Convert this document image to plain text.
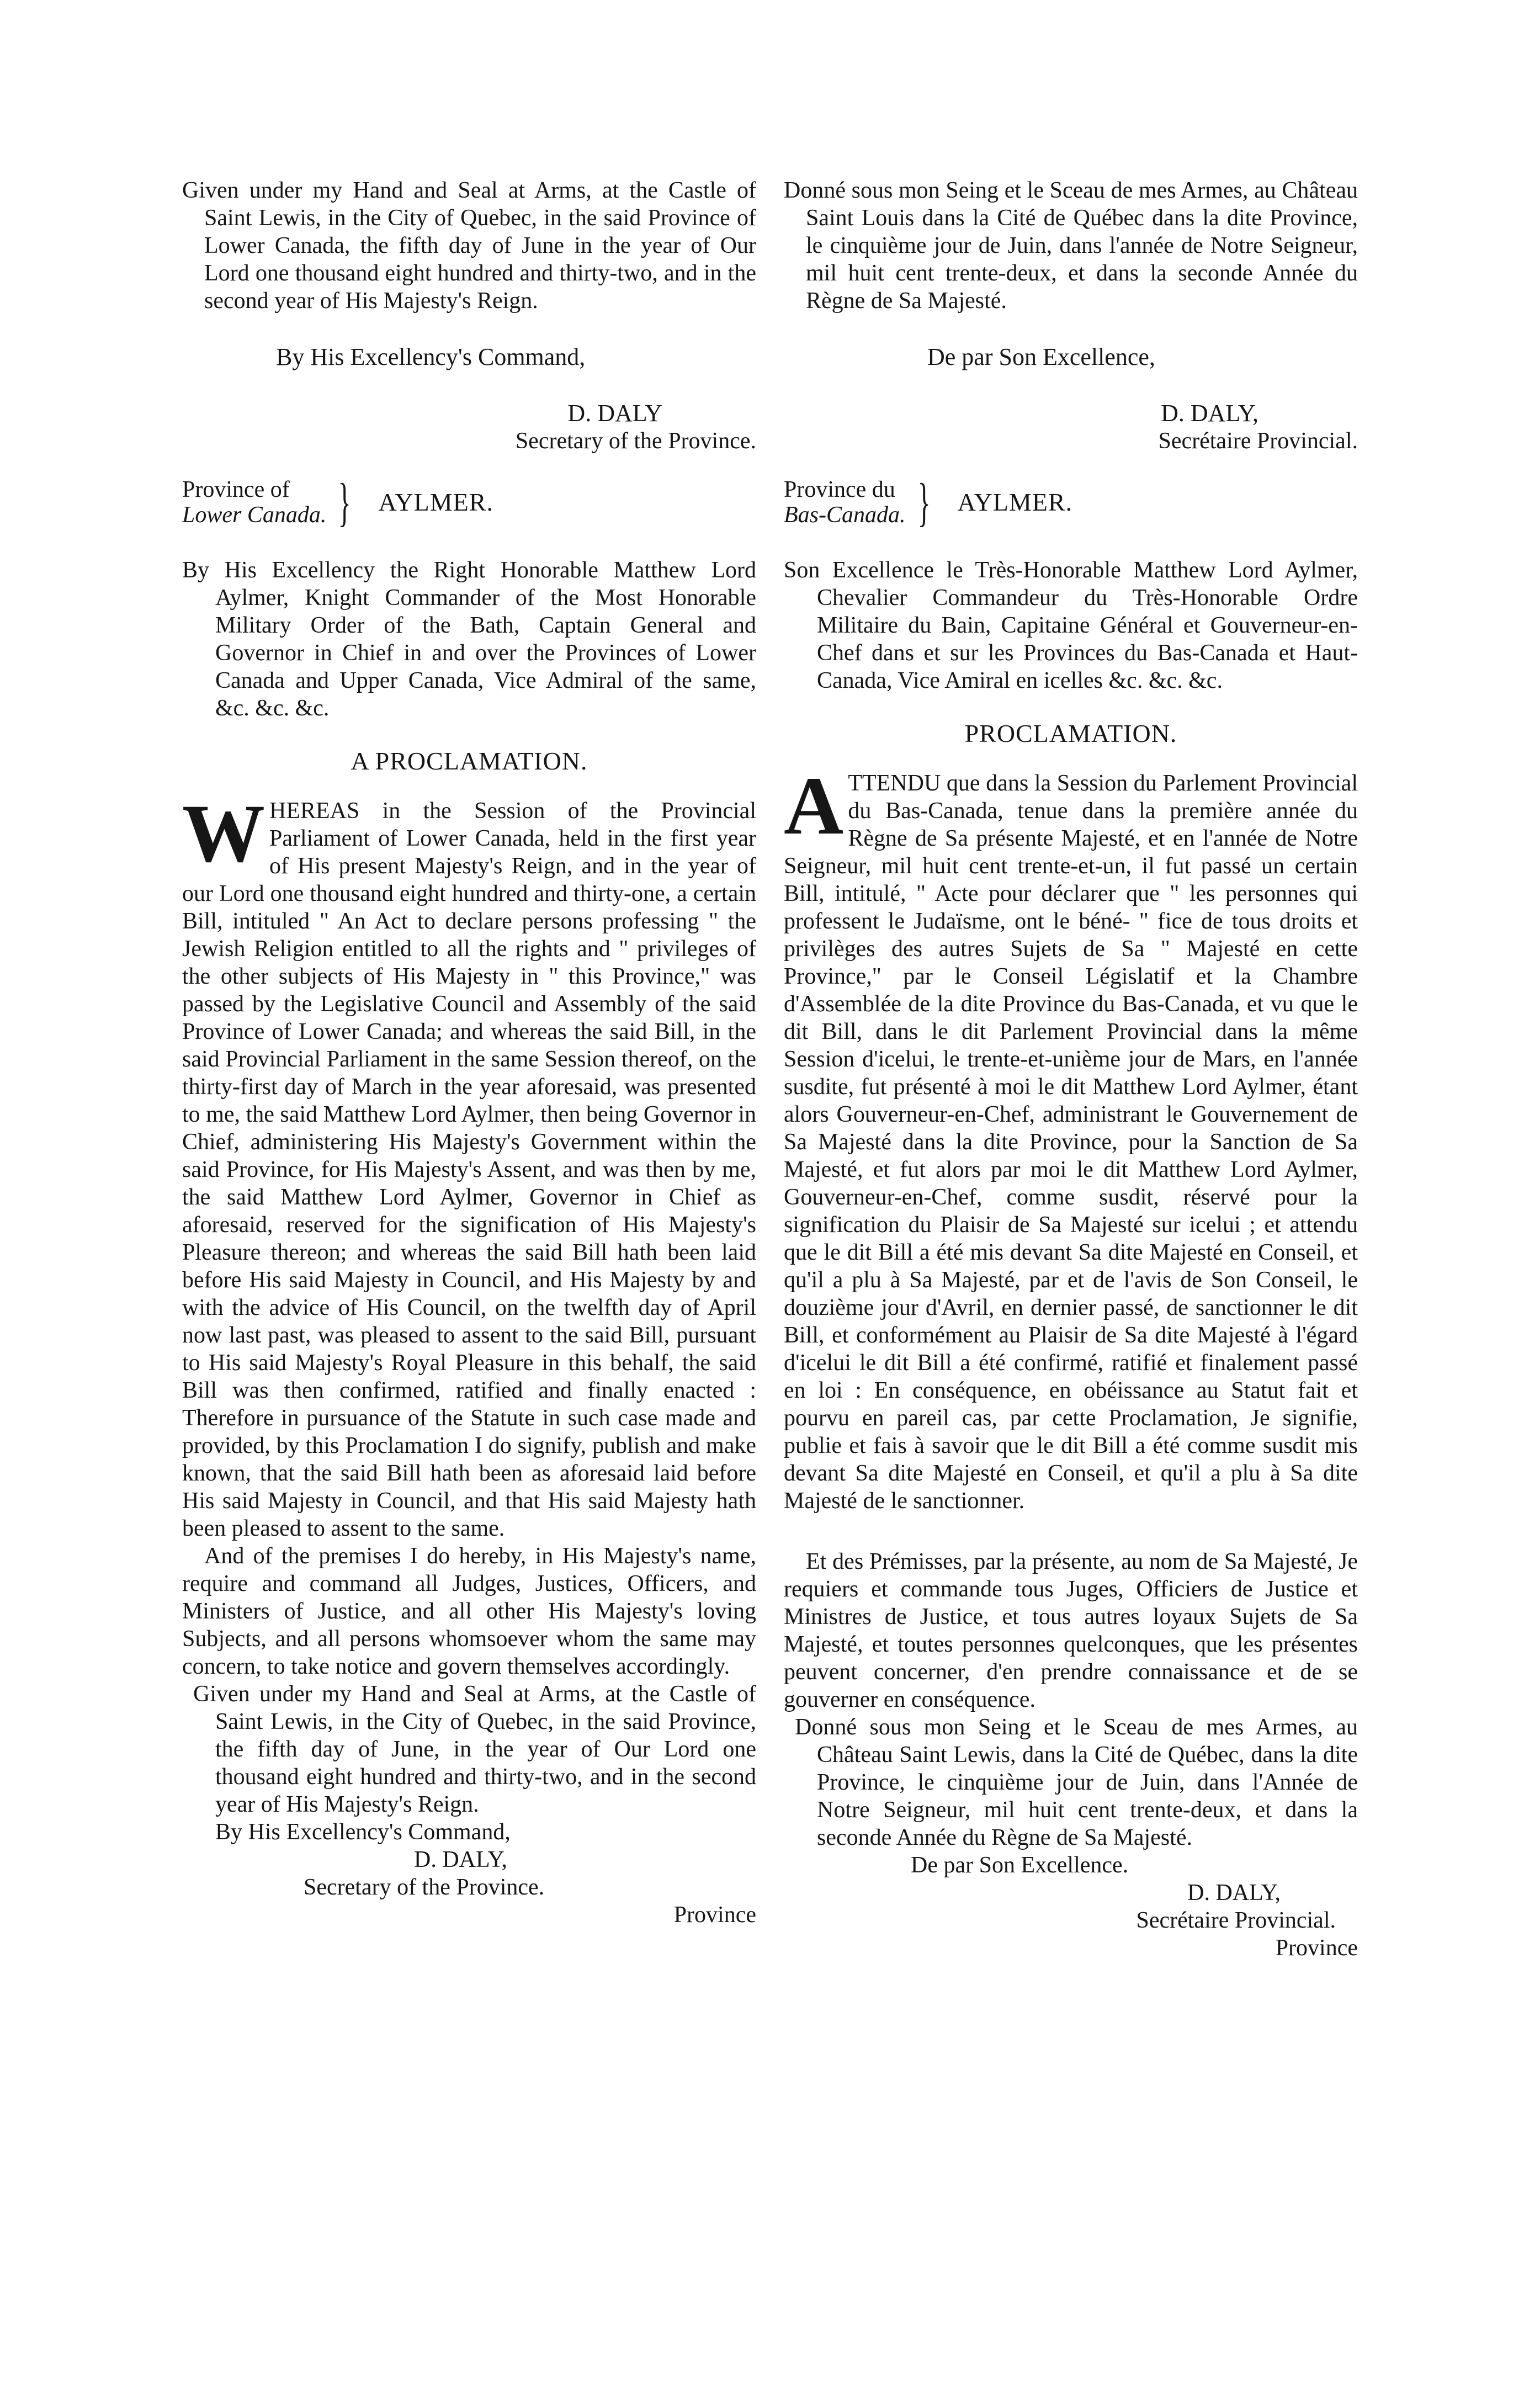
Given under my Hand and Seal at Arms, at the Castle of Saint Lewis, in the City of Quebec, in the said Province of Lower Canada, the fifth day of June in the year of Our Lord one thousand eight hundred and thirty-two, and in the second year of His Majesty's Reign.

By His Excellency's Command,

D. DALY
Secretary of the Province.
Province of
Lower Canada. } AYLMER.

By His Excellency the Right Honorable Matthew Lord Aylmer, Knight Commander of the Most Honorable Military Order of the Bath, Captain General and Governor in Chief in and over the Provinces of Lower Canada and Upper Canada, Vice Admiral of the same, &c. &c. &c.

A PROCLAMATION.

WHEREAS in the Session of the Provincial Parliament of Lower Canada, held in the first year of His present Majesty's Reign, and in the year of our Lord one thousand eight hundred and thirty-one, a certain Bill, intituled " An Act to declare persons professing " the Jewish Religion entitled to all the rights and " privileges of the other subjects of His Majesty in " this Province," was passed by the Legislative Council and Assembly of the said Province of Lower Canada; and whereas the said Bill, in the said Provincial Parliament in the same Session thereof, on the thirty-first day of March in the year aforesaid, was presented to me, the said Matthew Lord Aylmer, then being Governor in Chief, administering His Majesty's Government within the said Province, for His Majesty's Assent, and was then by me, the said Matthew Lord Aylmer, Governor in Chief as aforesaid, reserved for the signification of His Majesty's Pleasure thereon; and whereas the said Bill hath been laid before His said Majesty in Council, and His Majesty by and with the advice of His Council, on the twelfth day of April now last past, was pleased to assent to the said Bill, pursuant to His said Majesty's Royal Pleasure in this behalf, the said Bill was then confirmed, ratified and finally enacted : Therefore in pursuance of the Statute in such case made and provided, by this Proclamation I do signify, publish and make known, that the said Bill hath been as aforesaid laid before His said Majesty in Council, and that His said Majesty hath been pleased to assent to the same.

And of the premises I do hereby, in His Majesty's name, require and command all Judges, Justices, Officers, and Ministers of Justice, and all other His Majesty's loving Subjects, and all persons whomsoever whom the same may concern, to take notice and govern themselves accordingly.

Given under my Hand and Seal at Arms, at the Castle of Saint Lewis, in the City of Quebec, in the said Province, the fifth day of June, in the year of Our Lord one thousand eight hundred and thirty-two, and in the second year of His Majesty's Reign.

By His Excellency's Command,

D. DALY,

Secretary of the Province.

Province

Donné sous mon Seing et le Sceau de mes Armes, au Château Saint Louis dans la Cité de Québec dans la dite Province, le cinquième jour de Juin, dans l'année de Notre Seigneur, mil huit cent trente-deux, et dans la seconde Année du Règne de Sa Majesté.

De par Son Excellence,

D. DALY,
Secrétaire Provincial.
Province du
Bas-Canada. } AYLMER.

Son Excellence le Très-Honorable Matthew Lord Aylmer, Chevalier Commandeur du Très-Honorable Ordre Militaire du Bain, Capitaine Général et Gouverneur-en-Chef dans et sur les Provinces du Bas-Canada et Haut-Canada, Vice Amiral en icelles &c. &c. &c.

PROCLAMATION.

ATTENDU que dans la Session du Parlement Provincial du Bas-Canada, tenue dans la première année du Règne de Sa présente Majesté, et en l'année de Notre Seigneur, mil huit cent trente-et-un, il fut passé un certain Bill, intitulé, " Acte pour déclarer que " les personnes qui professent le Judaïsme, ont le béné- " fice de tous droits et privilèges des autres Sujets de Sa " Majesté en cette Province," par le Conseil Législatif et la Chambre d'Assemblée de la dite Province du Bas-Canada, et vu que le dit Bill, dans le dit Parlement Provincial dans la même Session d'icelui, le trente-et-unième jour de Mars, en l'année susdite, fut présenté à moi le dit Matthew Lord Aylmer, étant alors Gouverneur-en-Chef, administrant le Gouvernement de Sa Majesté dans la dite Province, pour la Sanction de Sa Majesté, et fut alors par moi le dit Matthew Lord Aylmer, Gouverneur-en-Chef, comme susdit, réservé pour la signification du Plaisir de Sa Majesté sur icelui ; et attendu que le dit Bill a été mis devant Sa dite Majesté en Conseil, et qu'il a plu à Sa Majesté, par et de l'avis de Son Conseil, le douzième jour d'Avril, en dernier passé, de sanctionner le dit Bill, et conformément au Plaisir de Sa dite Majesté à l'égard d'icelui le dit Bill a été confirmé, ratifié et finalement passé en loi : En conséquence, en obéissance au Statut fait et pourvu en pareil cas, par cette Proclamation, Je signifie, publie et fais à savoir que le dit Bill a été comme susdit mis devant Sa dite Majesté en Conseil, et qu'il a plu à Sa dite Majesté de le sanctionner.

Et des Prémisses, par la présente, au nom de Sa Majesté, Je requiers et commande tous Juges, Officiers de Justice et Ministres de Justice, et tous autres loyaux Sujets de Sa Majesté, et toutes personnes quelconques, que les présentes peuvent concerner, d'en prendre connaissance et de se gouverner en conséquence.

Donné sous mon Seing et le Sceau de mes Armes, au Château Saint Lewis, dans la Cité de Québec, dans la dite Province, le cinquième jour de Juin, dans l'Année de Notre Seigneur, mil huit cent trente-deux, et dans la seconde Année du Règne de Sa Majesté.

De par Son Excellence.

D. DALY,

Secrétaire Provincial.

Province
